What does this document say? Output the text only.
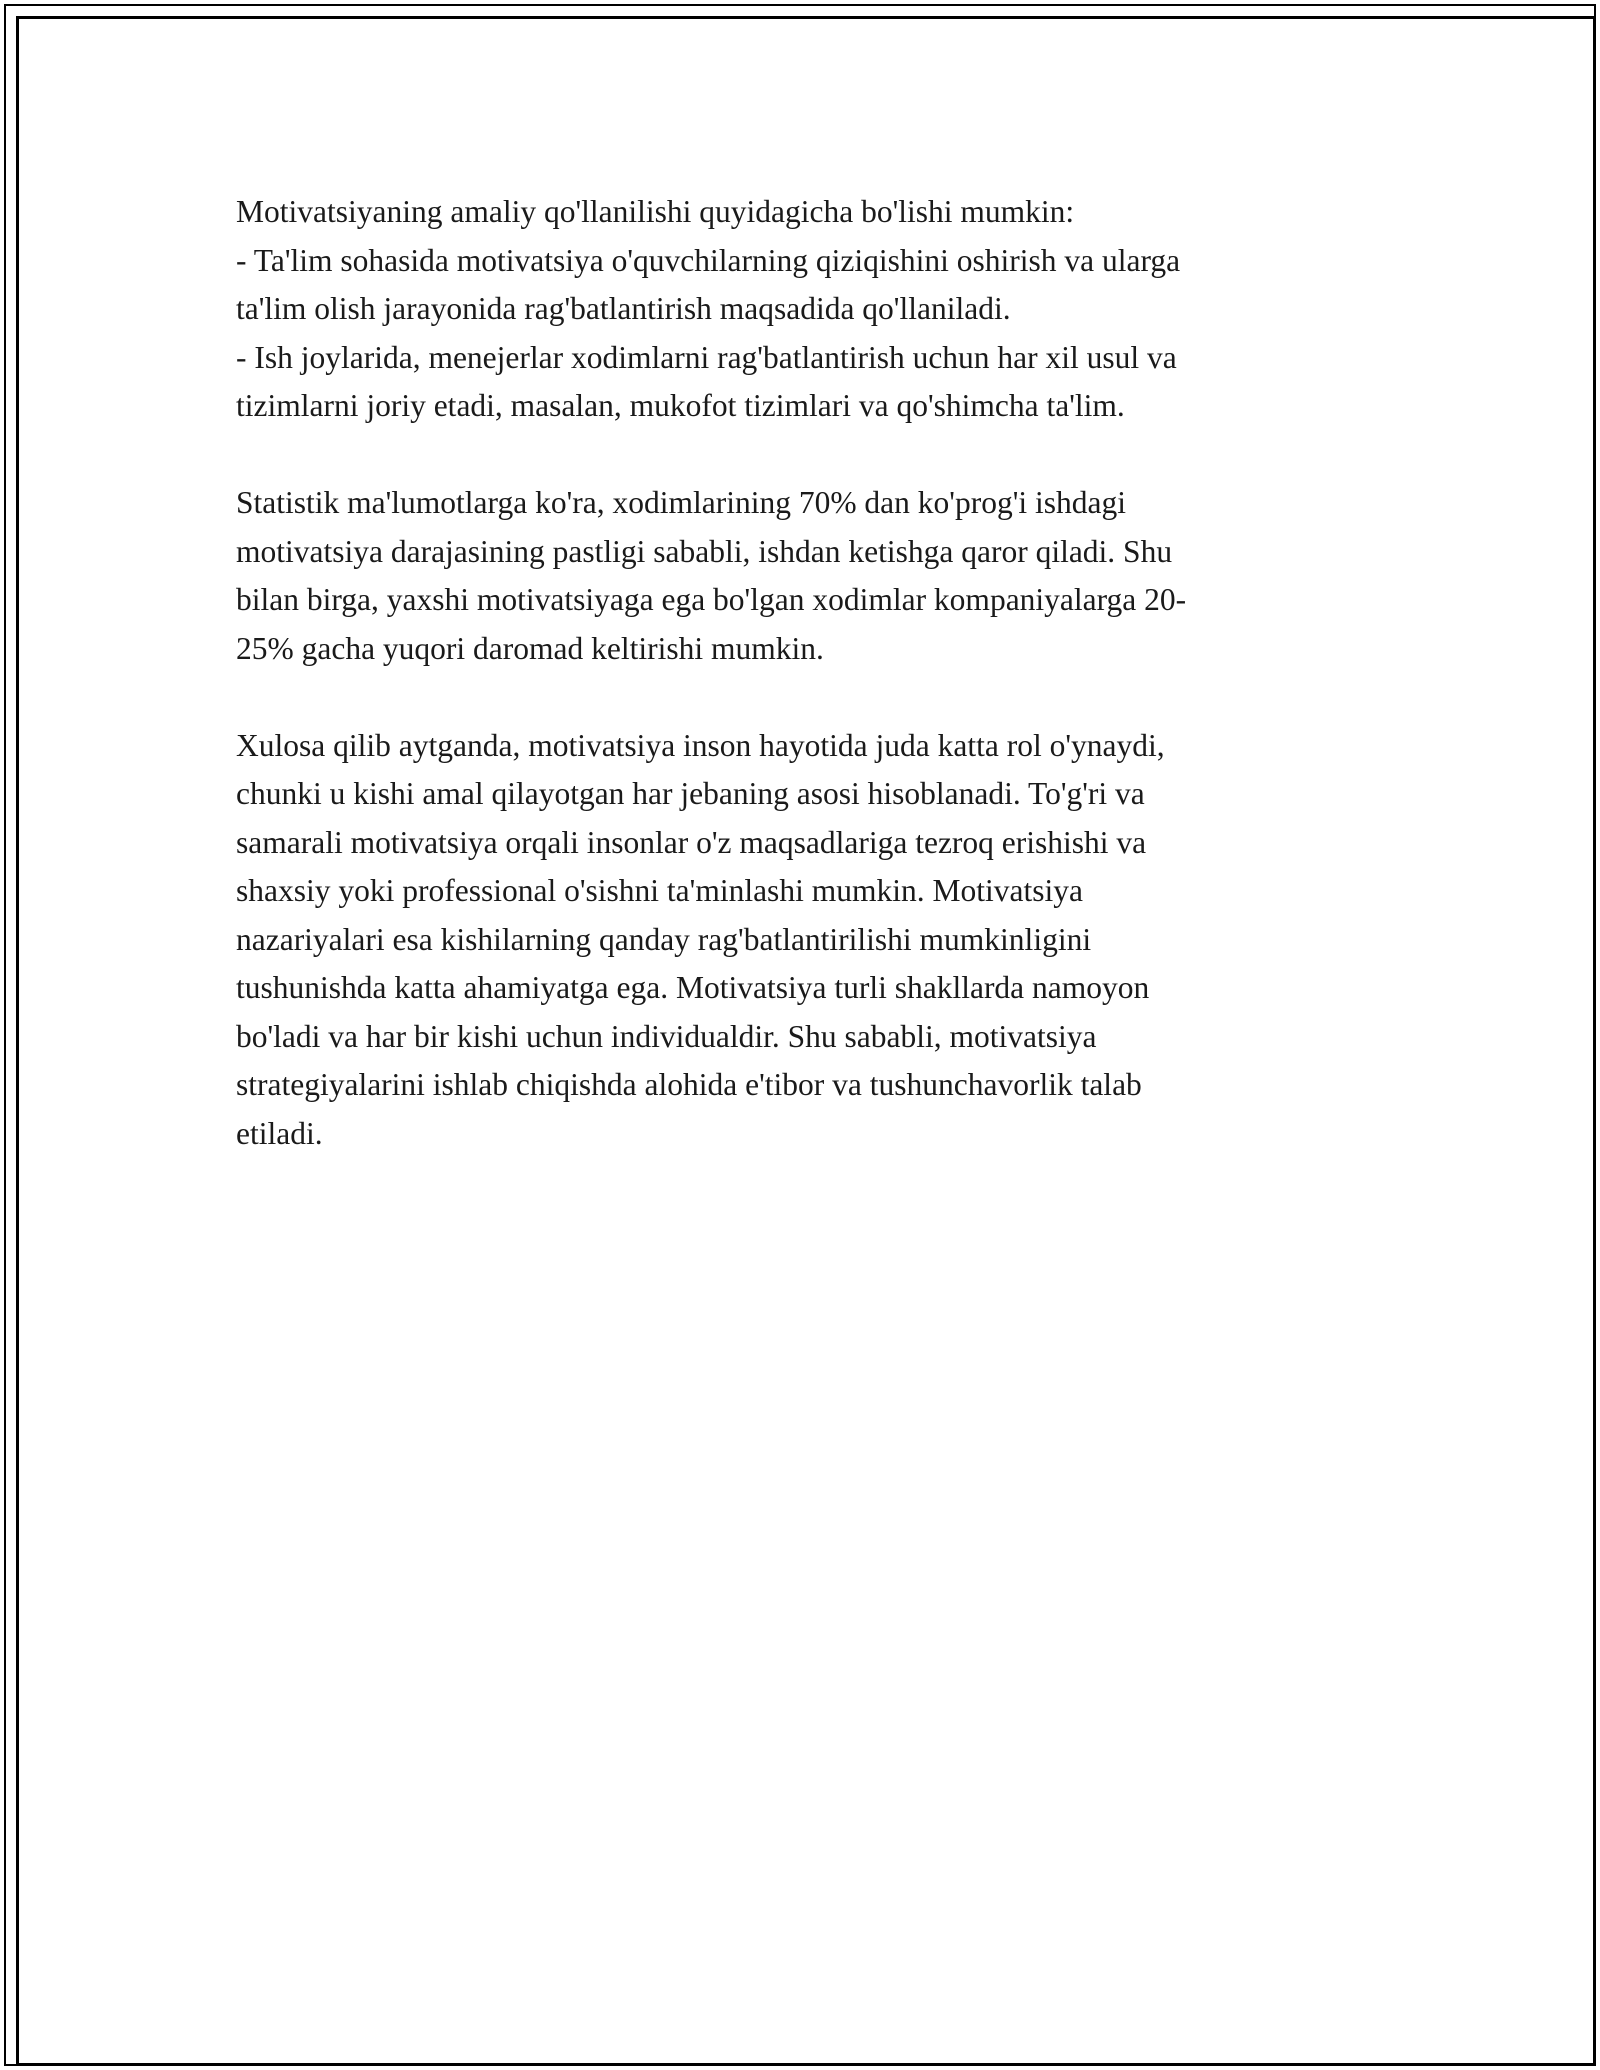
Motivatsiyaning amaliy qo'llanilishi quyidagicha bo'lishi mumkin:
- Ta'lim sohasida motivatsiya o'quvchilarning qiziqishini oshirish va ularga
ta'lim olish jarayonida rag'batlantirish maqsadida qo'llaniladi.
- Ish joylarida, menejerlar xodimlarni rag'batlantirish uchun har xil usul va
tizimlarni joriy etadi, masalan, mukofot tizimlari va qo'shimcha ta'lim.

Statistik ma'lumotlarga ko'ra, xodimlarining 70% dan ko'prog'i ishdagi
motivatsiya darajasining pastligi sababli, ishdan ketishga qaror qiladi. Shu
bilan birga, yaxshi motivatsiyaga ega bo'lgan xodimlar kompaniyalarga 20-
25% gacha yuqori daromad keltirishi mumkin.

Xulosa qilib aytganda, motivatsiya inson hayotida juda katta rol o'ynaydi,
chunki u kishi amal qilayotgan har jebaning asosi hisoblanadi. To'g'ri va
samarali motivatsiya orqali insonlar o'z maqsadlariga tezroq erishishi va
shaxsiy yoki professional o'sishni ta'minlashi mumkin. Motivatsiya
nazariyalari esa kishilarning qanday rag'batlantirilishi mumkinligini
tushunishda katta ahamiyatga ega. Motivatsiya turli shakllarda namoyon
bo'ladi va har bir kishi uchun individualdir. Shu sababli, motivatsiya
strategiyalarini ishlab chiqishda alohida e'tibor va tushunchavorlik talab
etiladi.
